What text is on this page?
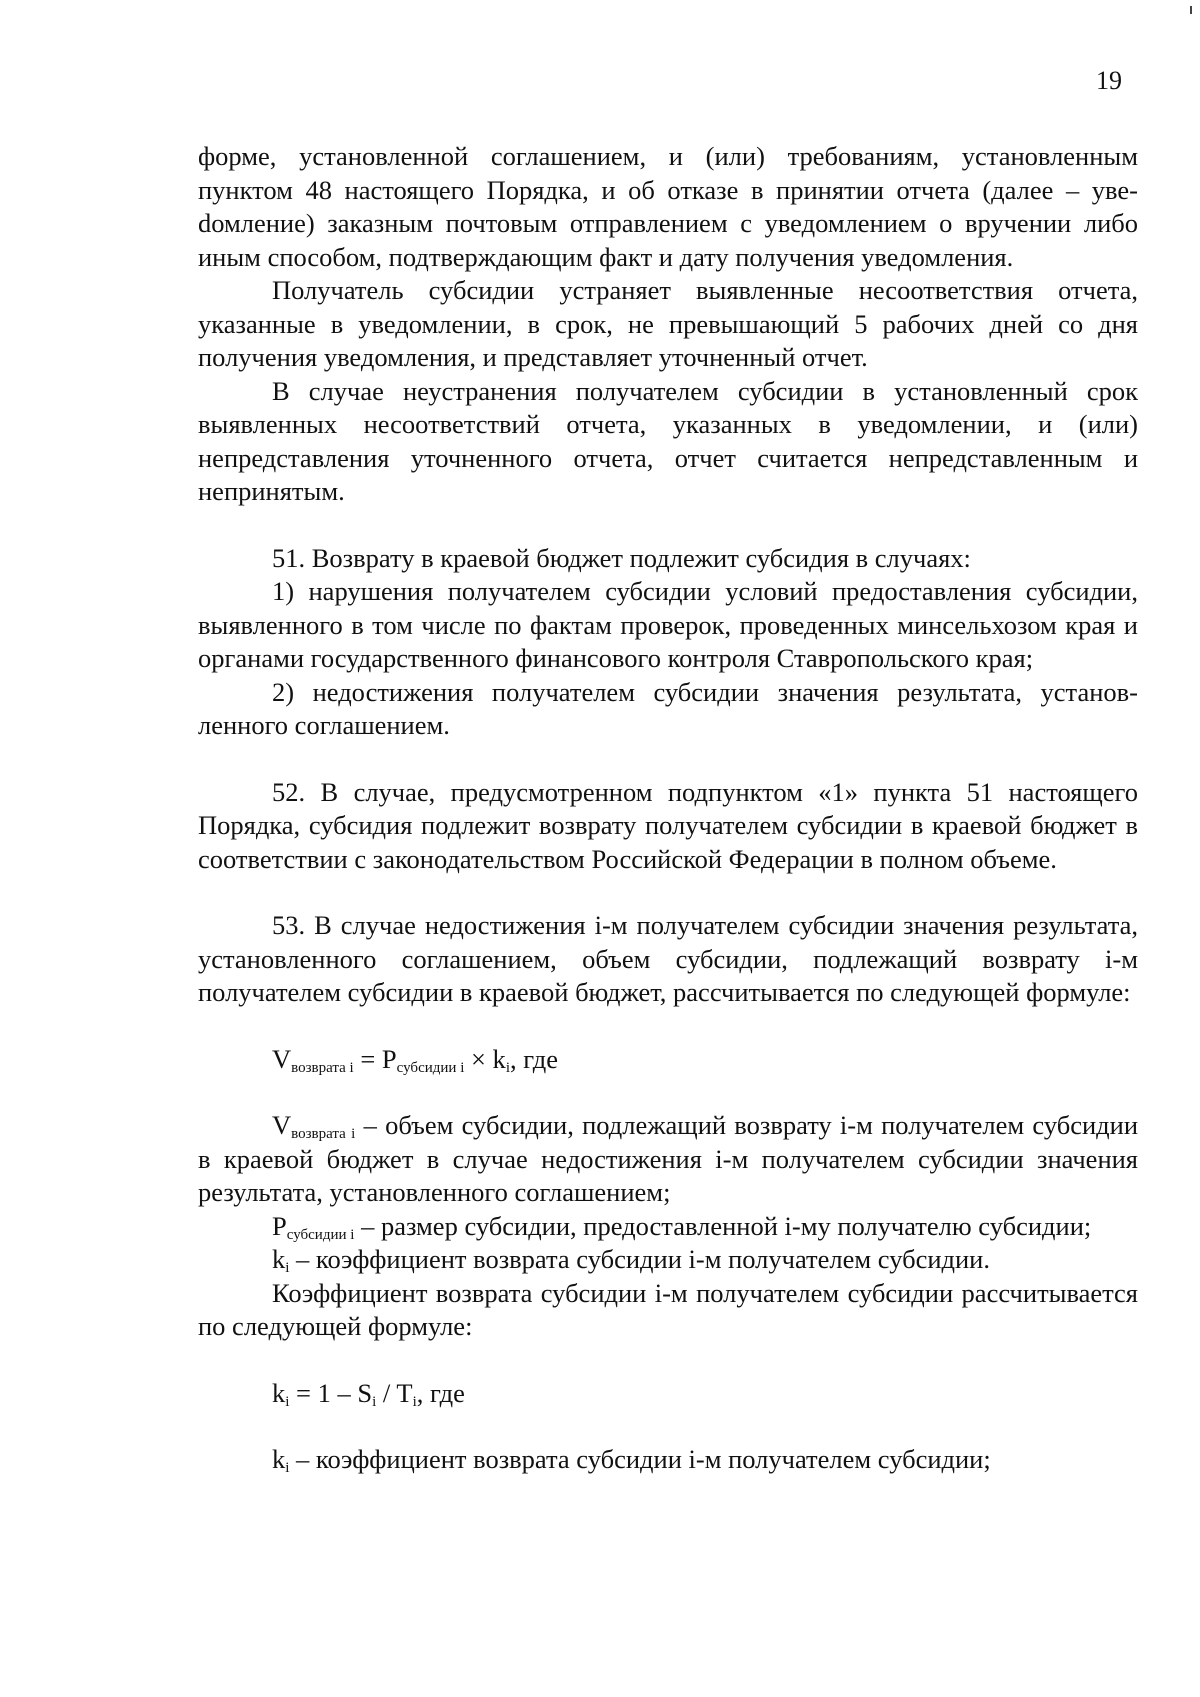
19

форме, установленной соглашением, и (или) требованиям, установленным пунктом 48 настоящего Порядка, и об отказе в принятии отчета (далее – увеdомление) заказным почтовым отправлением с уведомлением о вручении либо иным способом, подтверждающим факт и дату получения уведомления.

Получатель субсидии устраняет выявленные несоответствия отчета, указанные в уведомлении, в срок, не превышающий 5 рабочих дней со дня получения уведомления, и представляет уточненный отчет.

В случае неустранения получателем субсидии в установленный срок выявленных несоответствий отчета, указанных в уведомлении, и (или) непредставления уточненного отчета, отчет считается непредставленным и непринятым.

51. Возврату в краевой бюджет подлежит субсидия в случаях:

1) нарушения получателем субсидии условий предоставления субсидии, выявленного в том числе по фактам проверок, проведенных минсельхозом края и органами государственного финансового контроля Ставропольского края;

2) недостижения получателем субсидии значения результата, установленного соглашением.

52. В случае, предусмотренном подпунктом «1» пункта 51 настоящего Порядка, субсидия подлежит возврату получателем субсидии в краевой бюджет в соответствии с законодательством Российской Федерации в полном объеме.

53. В случае недостижения i-м получателем субсидии значения результата, установленного соглашением, объем субсидии, подлежащий возврату i-м получателем субсидии в краевой бюджет, рассчитывается по следующей формуле:

$V_{возврата i} = P_{субсидии i} \times k_i$, где

$V_{возврата i}$ – объем субсидии, подлежащий возврату i-м получателем субсидии в краевой бюджет в случае недостижения i-м получателем субсидии значения результата, установленного соглашением;

$P_{субсидии i}$ – размер субсидии, предоставленной i-му получателю субсидии;

$k_i$ – коэффициент возврата субсидии i-м получателем субсидии.

Коэффициент возврата субсидии i-м получателем субсидии рассчитывается по следующей формуле:

$k_i = 1 - S_i / T_i$, где

$k_i$ – коэффициент возврата субсидии i-м получателем субсидии;
